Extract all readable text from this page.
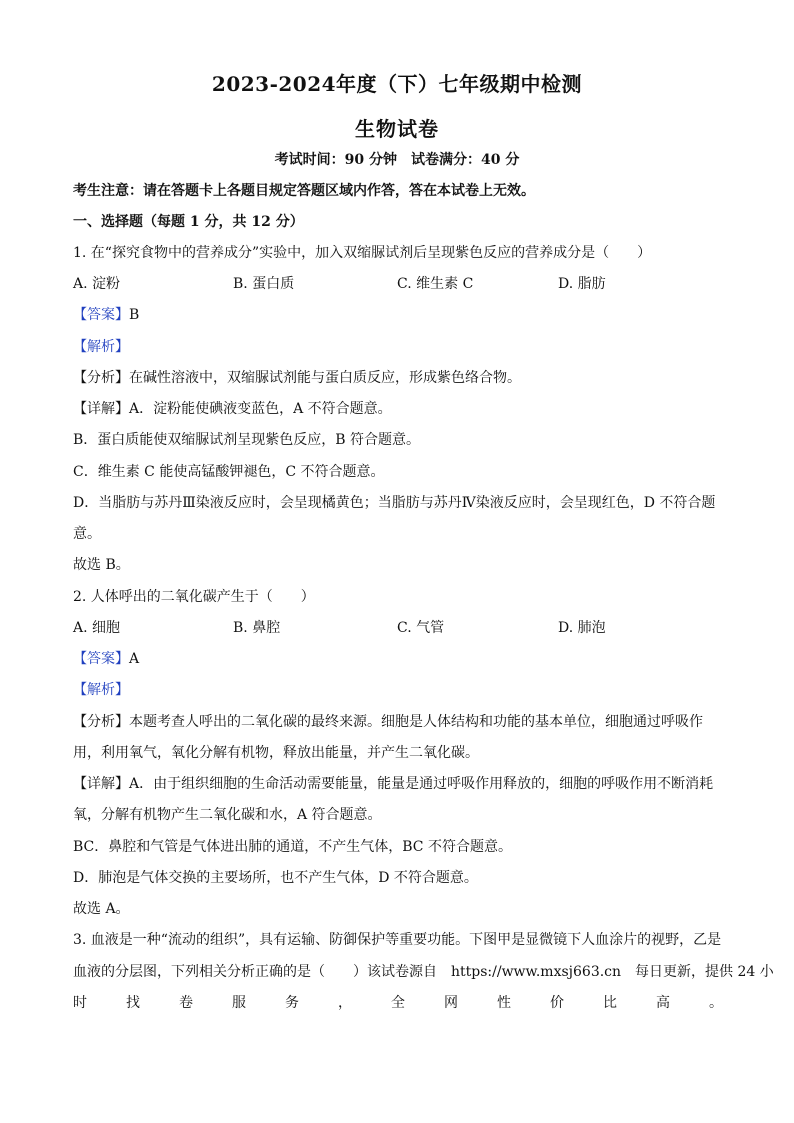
2023-2024年度（下）七年级期中检测
生物试卷
考试时间：90 分钟　试卷满分：40 分
考生注意：请在答题卡上各题目规定答题区域内作答，答在本试卷上无效。
一、选择题（每题 1 分，共 12 分）
1. 在“探究食物中的营养成分”实验中，加入双缩脲试剂后呈现紫色反应的营养成分是（　　）
A. 淀粉	B. 蛋白质	C. 维生素 C	D. 脂肪
【答案】B
【解析】
【分析】在碱性溶液中，双缩脲试剂能与蛋白质反应，形成紫色络合物。
【详解】A．淀粉能使碘液变蓝色，A 不符合题意。
B．蛋白质能使双缩脲试剂呈现紫色反应，B 符合题意。
C．维生素 C 能使高锰酸钾褪色，C 不符合题意。
D．当脂肪与苏丹Ⅲ染液反应时，会呈现橘黄色；当脂肪与苏丹Ⅳ染液反应时，会呈现红色，D 不符合题
意。
故选 B。
2. 人体呼出的二氧化碳产生于（　　）
A. 细胞	B. 鼻腔	C. 气管	D. 肺泡
【答案】A
【解析】
【分析】本题考查人呼出的二氧化碳的最终来源。细胞是人体结构和功能的基本单位，细胞通过呼吸作
用，利用氧气，氧化分解有机物，释放出能量，并产生二氧化碳。
【详解】A．由于组织细胞的生命活动需要能量，能量是通过呼吸作用释放的，细胞的呼吸作用不断消耗
氧，分解有机物产生二氧化碳和水，A 符合题意。
BC．鼻腔和气管是气体进出肺的通道，不产生气体，BC 不符合题意。
D．肺泡是气体交换的主要场所，也不产生气体，D 不符合题意。
故选 A。
3. 血液是一种“流动的组织”，具有运输、防御保护等重要功能。下图甲是显微镜下人血涂片的视野，乙是
血液的分层图，下列相关分析正确的是（　　）该试卷源自　https://www.mxsj663.cn　每日更新，提供 24 小
时	找	卷	服	务	，	全	网	性	价	比	高	。
